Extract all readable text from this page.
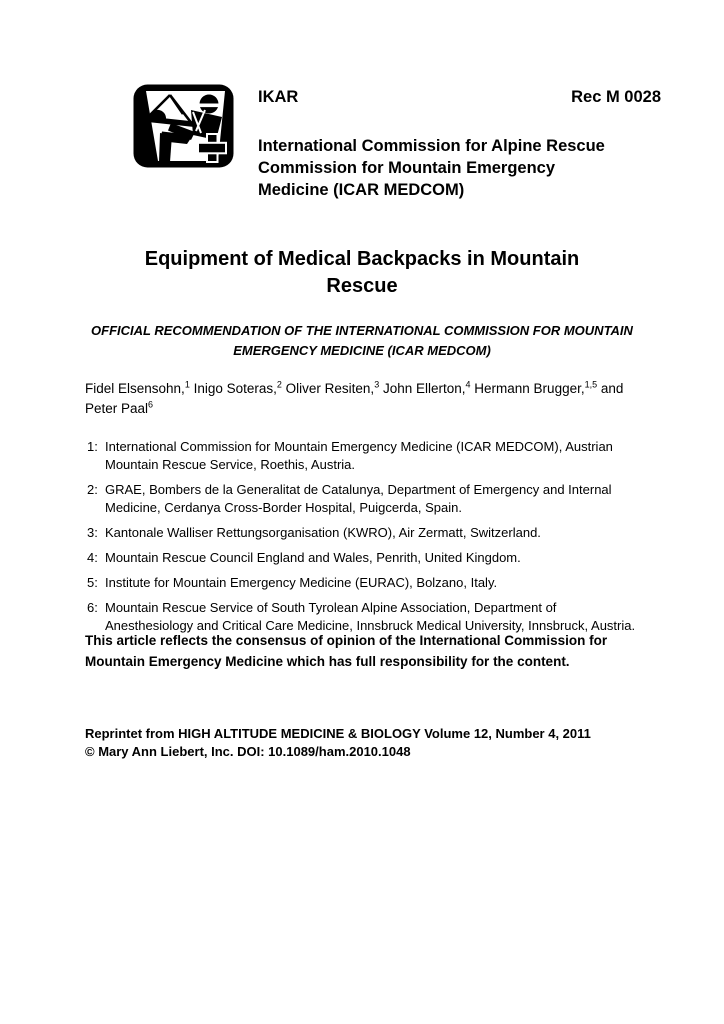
IKAR	Rec M 0028
International Commission for Alpine Rescue
Commission for Mountain Emergency
Medicine (ICAR MEDCOM)
Equipment of Medical Backpacks in Mountain Rescue
OFFICIAL RECOMMENDATION OF THE INTERNATIONAL COMMISSION FOR MOUNTAIN EMERGENCY MEDICINE (ICAR MEDCOM)
Fidel Elsensohn,$^1$ Inigo Soteras,$^2$ Oliver Resiten,$^3$ John Ellerton,$^4$ Hermann Brugger,$^{1,5}$ and Peter Paal$^6$
1: International Commission for Mountain Emergency Medicine (ICAR MEDCOM), Austrian Mountain Rescue Service, Roethis, Austria.
2: GRAE, Bombers de la Generalitat de Catalunya, Department of Emergency and Internal Medicine, Cerdanya Cross-Border Hospital, Puigcerda, Spain.
3: Kantonale Walliser Rettungsorganisation (KWRO), Air Zermatt, Switzerland.
4: Mountain Rescue Council England and Wales, Penrith, United Kingdom.
5: Institute for Mountain Emergency Medicine (EURAC), Bolzano, Italy.
6: Mountain Rescue Service of South Tyrolean Alpine Association, Department of Anesthesiology and Critical Care Medicine, Innsbruck Medical University, Innsbruck, Austria.
This article reflects the consensus of opinion of the International Commission for Mountain Emergency Medicine which has full responsibility for the content.
Reprintet from HIGH ALTITUDE MEDICINE & BIOLOGY Volume 12, Number 4, 2011
© Mary Ann Liebert, Inc. DOI: 10.1089/ham.2010.1048
